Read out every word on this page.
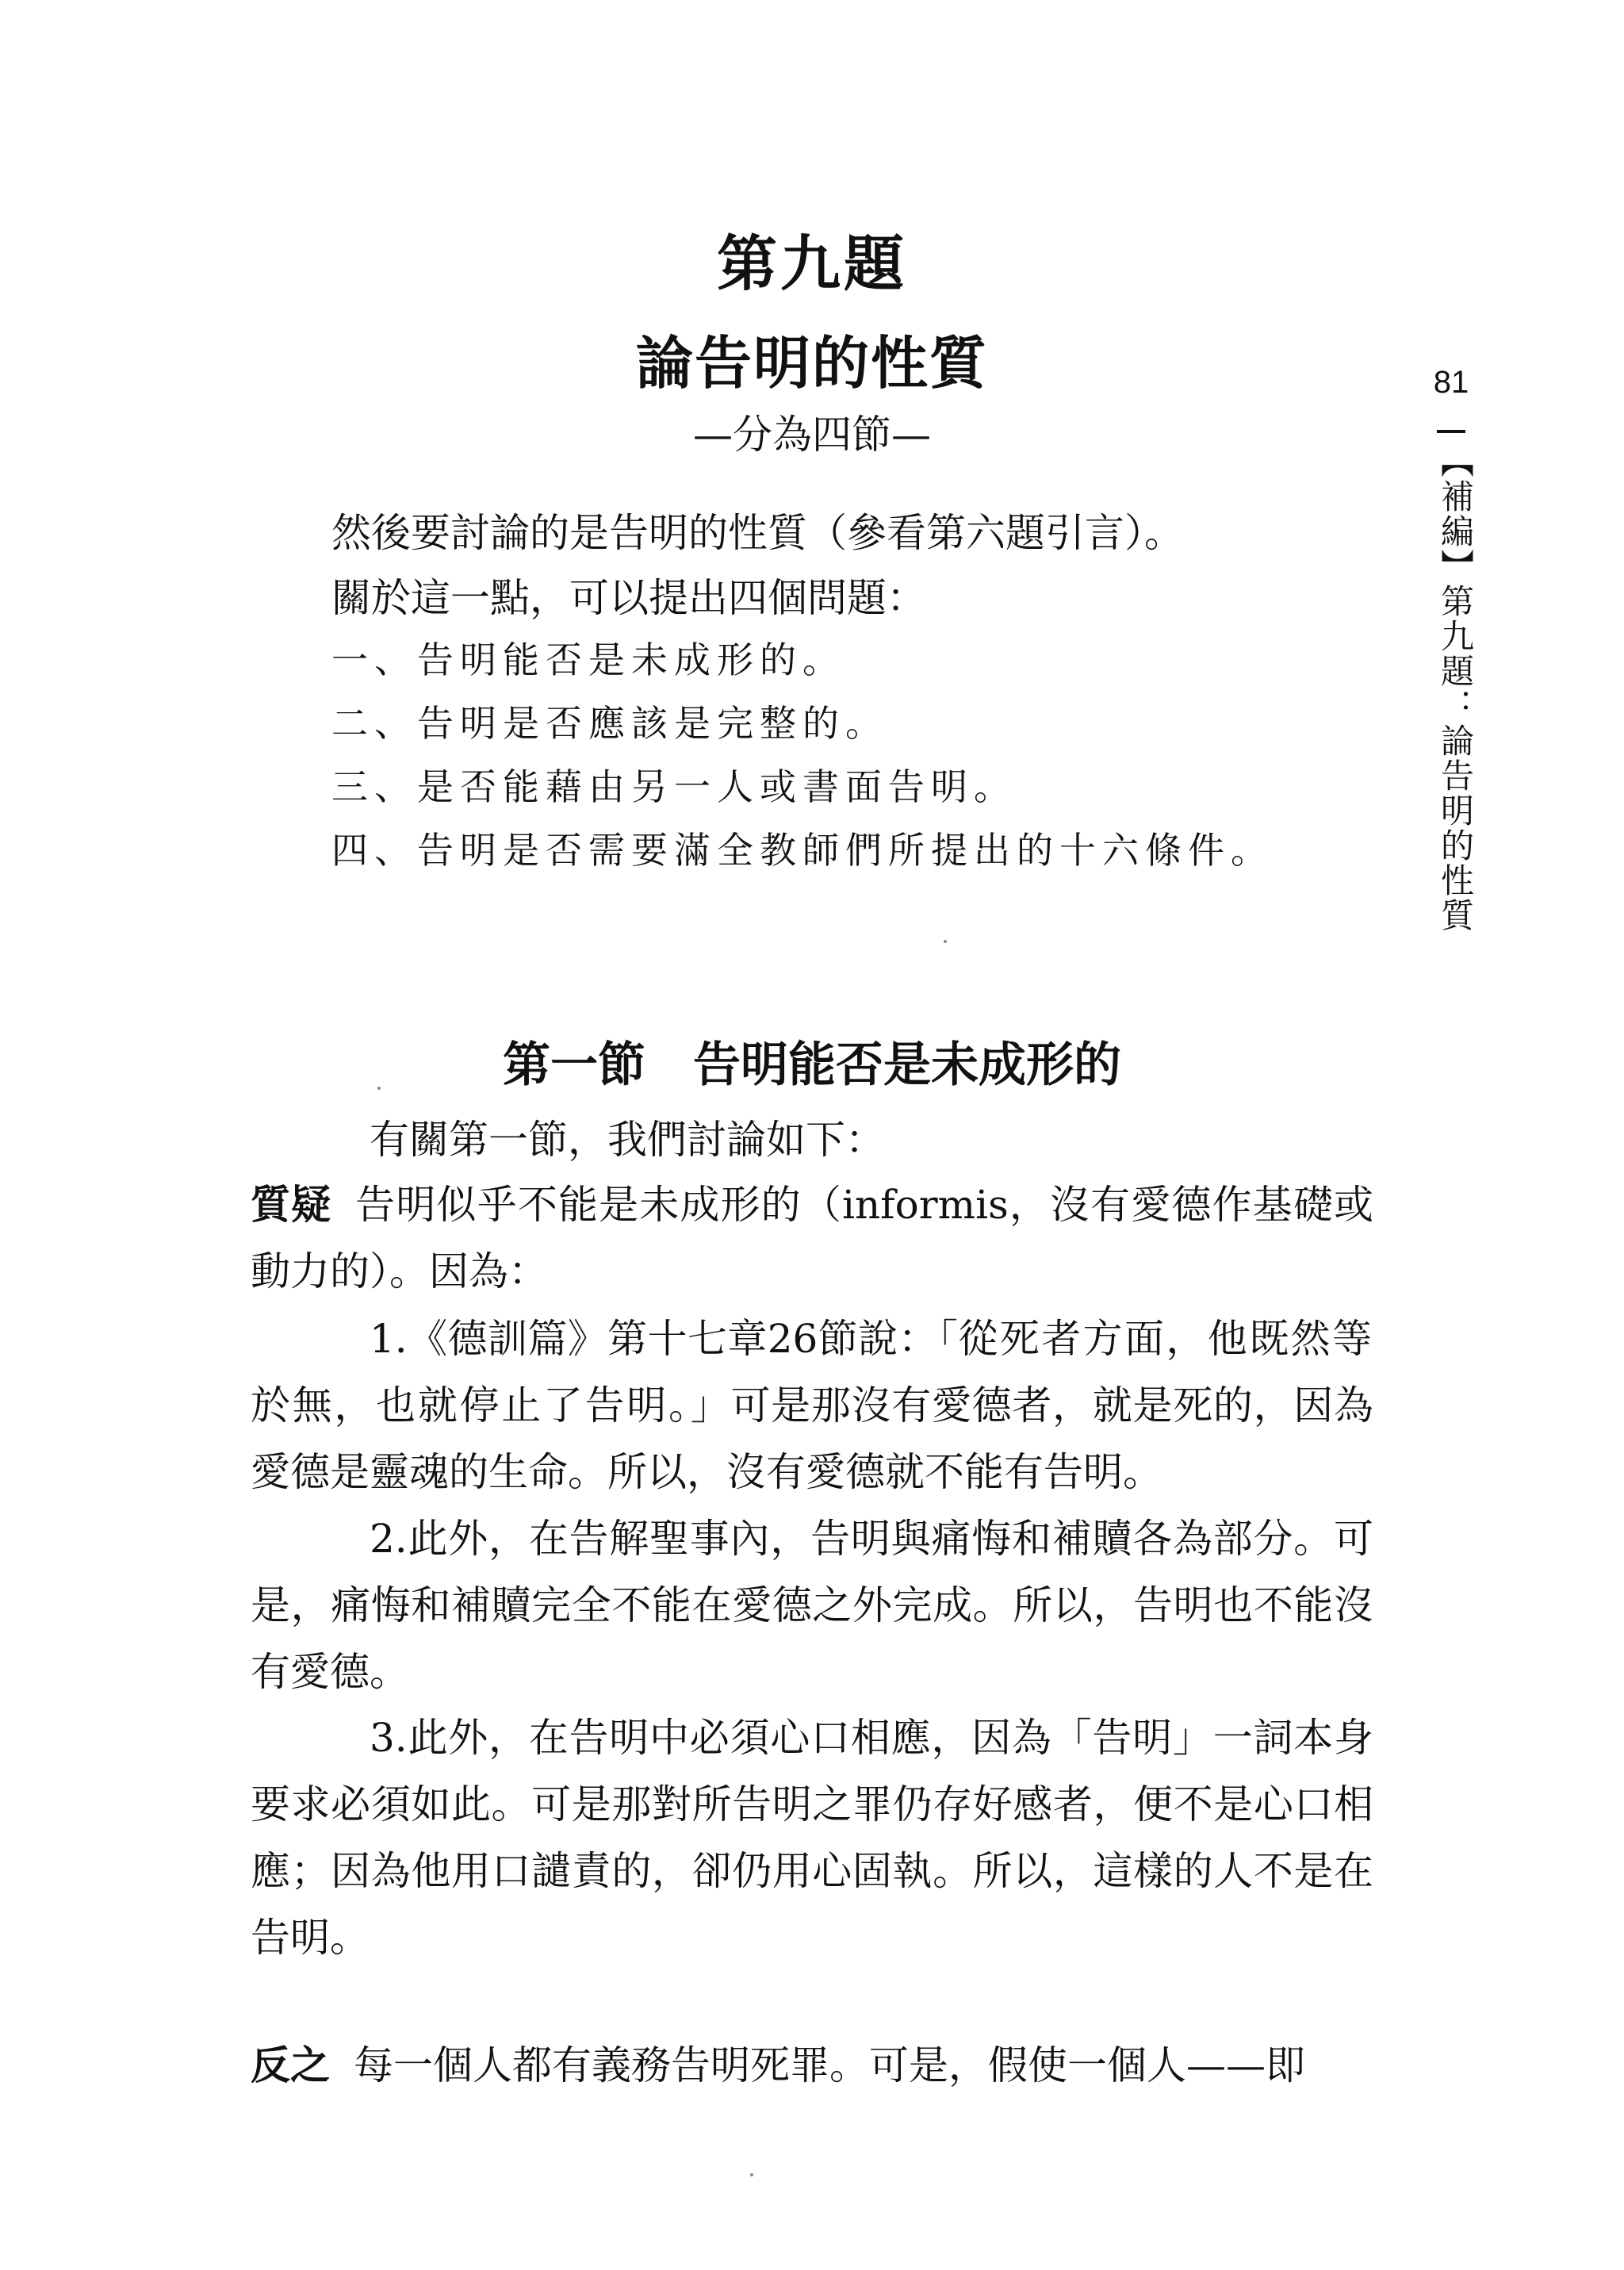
第九題
論告明的性質
—分為四節—
然後要討論的是告明的性質（參看第六題引言）。
關於這一點，可以提出四個問題：
一、告明能否是未成形的。
二、告明是否應該是完整的。
三、是否能藉由另一人或書面告明。
四、告明是否需要滿全教師們所提出的十六條件。
第一節　告明能否是未成形的
有關第一節，我們討論如下：
質疑 告明似乎不能是未成形的（informis，沒有愛德作基礎或動力的）。因為：
1.《德訓篇》第十七章26節說：「從死者方面，他既然等於無，也就停止了告明。」可是那沒有愛德者，就是死的，因為愛德是靈魂的生命。所以，沒有愛德就不能有告明。
2.此外，在告解聖事內，告明與痛悔和補贖各為部分。可是，痛悔和補贖完全不能在愛德之外完成。所以，告明也不能沒有愛德。
3.此外，在告明中必須心口相應，因為「告明」一詞本身要求必須如此。可是那對所告明之罪仍存好感者，便不是心口相應；因為他用口譴責的，卻仍用心固執。所以，這樣的人不是在告明。
反之 每一個人都有義務告明死罪。可是，假使一個人——即
81
【補編】第九題：論告明的性質
